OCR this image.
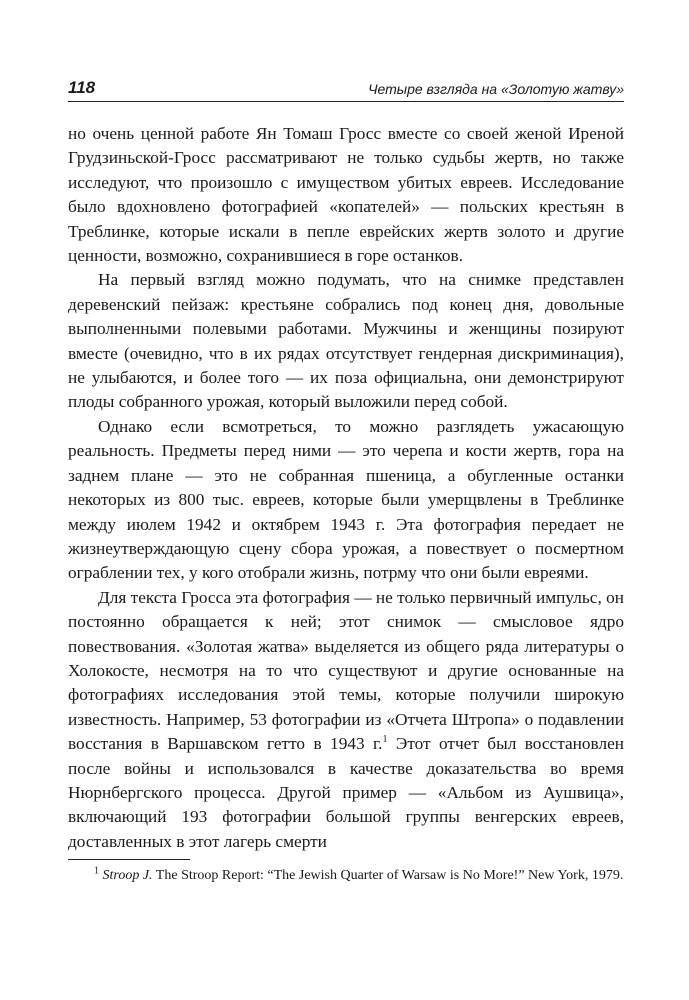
118	Четыре взгляда на «Золотую жатву»

но очень ценной работе Ян Томаш Гросс вместе со своей женой Иреной Грудзиньской-Гросс рассматривают не только судьбы жертв, но также исследуют, что произошло с имуществом убитых евреев. Исследование было вдохновлено фотографией «копателей» — польских крестьян в Треблинке, которые искали в пепле еврейских жертв золото и другие ценности, возможно, сохранившиеся в горе останков.

На первый взгляд можно подумать, что на снимке представлен деревенский пейзаж: крестьяне собрались под конец дня, довольные выполненными полевыми работами. Мужчины и женщины позируют вместе (очевидно, что в их рядах отсутствует гендерная дискриминация), не улыбаются, и более того — их поза официальна, они демонстрируют плоды собранного урожая, который выложили перед собой.

Однако если всмотреться, то можно разглядеть ужасающую реальность. Предметы перед ними — это черепа и кости жертв, гора на заднем плане — это не собранная пшеница, а обугленные останки некоторых из 800 тыс. евреев, которые были умерщвлены в Треблинке между июлем 1942 и октябрем 1943 г. Эта фотография передает не жизнеутверждающую сцену сбора урожая, а повествует о посмертном ограблении тех, у кого отобрали жизнь, потрму что они были евреями.

Для текста Гросса эта фотография — не только первичный импульс, он постоянно обращается к ней; этот снимок — смысловое ядро повествования. «Золотая жатва» выделяется из общего ряда литературы о Холокосте, несмотря на то что существуют и другие основанные на фотографиях исследования этой темы, которые получили широкую известность. Например, 53 фотографии из «Отчета Штропа» о подавлении восстания в Варшавском гетто в 1943 г.$^1$ Этот отчет был восстановлен после войны и использовался в качестве доказательства во время Нюрнбергского процесса. Другой пример — «Альбом из Аушвица», включающий 193 фотографии большой группы венгерских евреев, доставленных в этот лагерь смерти

$^1$ Stroop J. The Stroop Report: “The Jewish Quarter of Warsaw is No More!” New York, 1979.
